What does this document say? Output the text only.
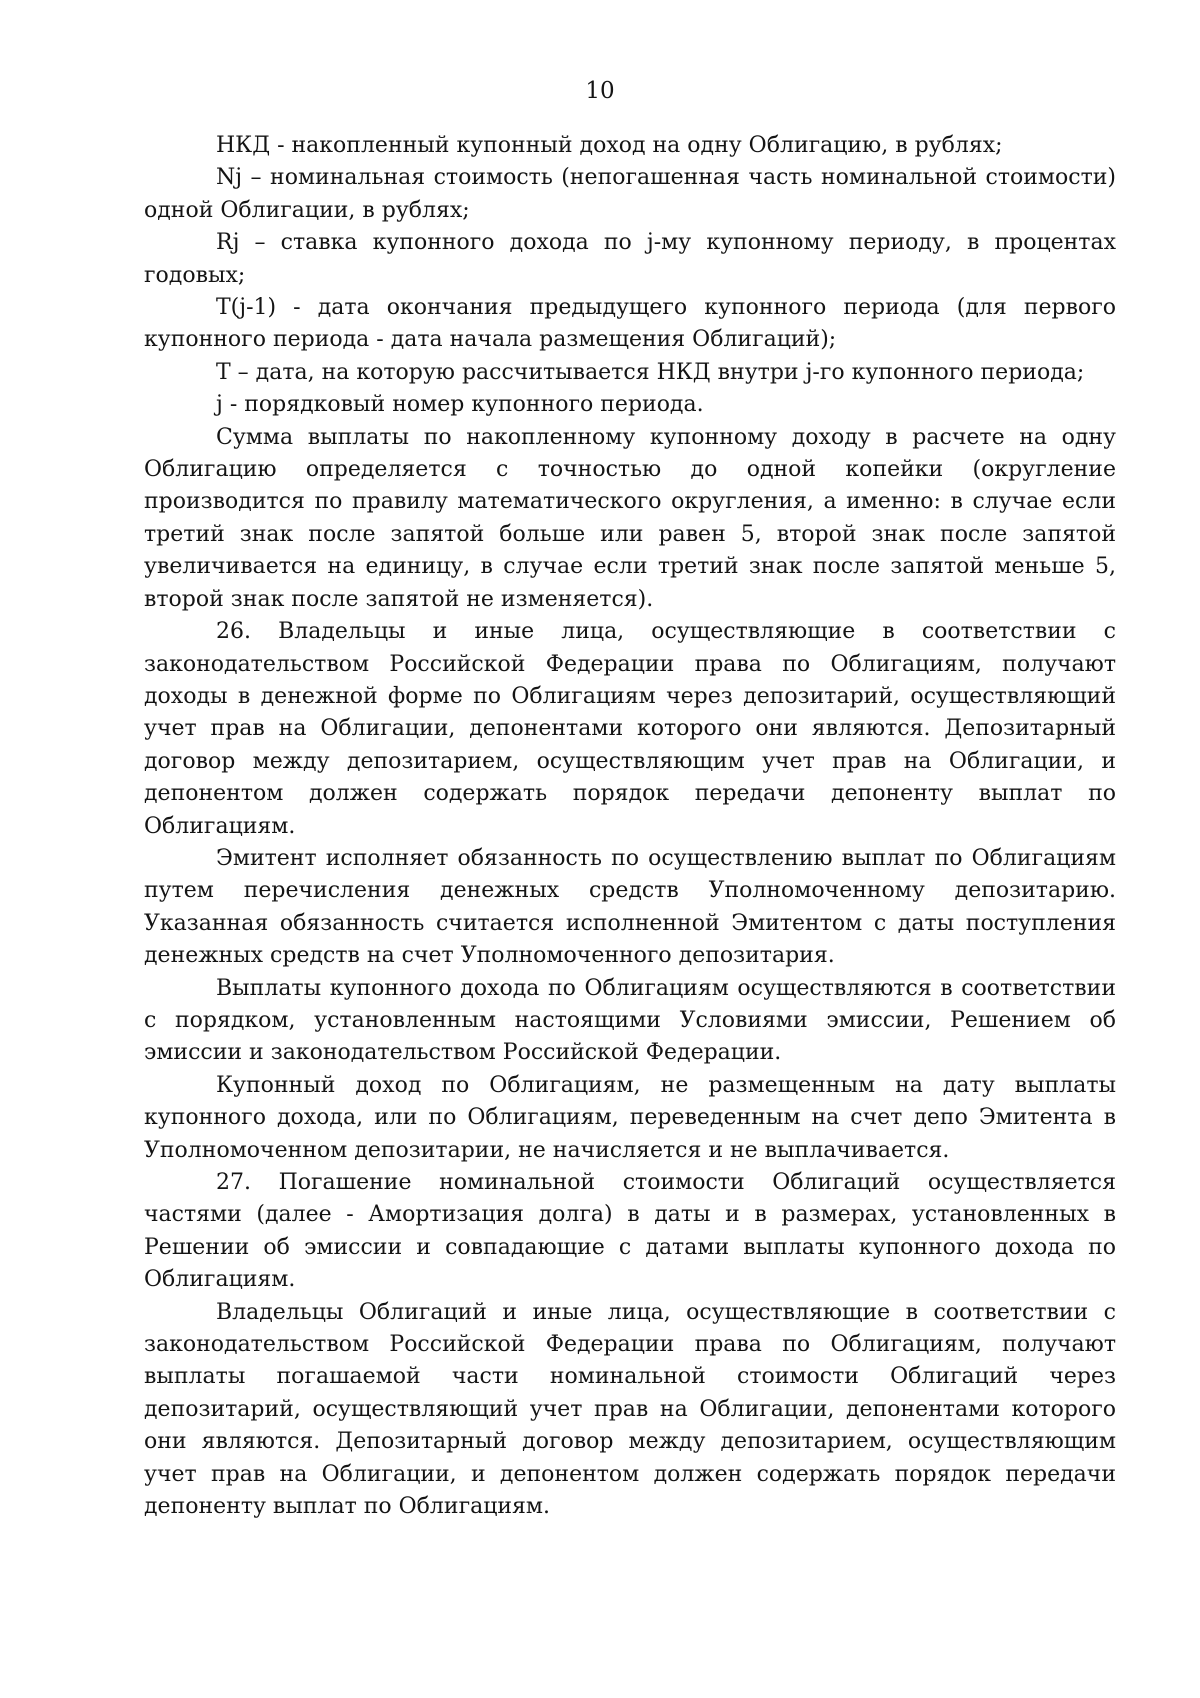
10

НКД - накопленный купонный доход на одну Облигацию, в рублях;

Nj – номинальная стоимость (непогашенная часть номинальной стоимости) одной Облигации, в рублях;

Rj – ставка купонного дохода по j-му купонному периоду, в процентах годовых;

T(j-1) - дата окончания предыдущего купонного периода (для первого купонного периода - дата начала размещения Облигаций);

Т – дата, на которую рассчитывается НКД внутри j-го купонного периода;

j - порядковый номер купонного периода.

Сумма выплаты по накопленному купонному доходу в расчете на одну Облигацию определяется с точностью до одной копейки (округление производится по правилу математического округления, а именно: в случае если третий знак после запятой больше или равен 5, второй знак после запятой увеличивается на единицу, в случае если третий знак после запятой меньше 5, второй знак после запятой не изменяется).

26. Владельцы и иные лица, осуществляющие в соответствии с законодательством Российской Федерации права по Облигациям, получают доходы в денежной форме по Облигациям через депозитарий, осуществляющий учет прав на Облигации, депонентами которого они являются. Депозитарный договор между депозитарием, осуществляющим учет прав на Облигации, и депонентом должен содержать порядок передачи депоненту выплат по Облигациям.

Эмитент исполняет обязанность по осуществлению выплат по Облигациям путем перечисления денежных средств Уполномоченному депозитарию. Указанная обязанность считается исполненной Эмитентом с даты поступления денежных средств на счет Уполномоченного депозитария.

Выплаты купонного дохода по Облигациям осуществляются в соответствии с порядком, установленным настоящими Условиями эмиссии, Решением об эмиссии и законодательством Российской Федерации.

Купонный доход по Облигациям, не размещенным на дату выплаты купонного дохода, или по Облигациям, переведенным на счет депо Эмитента в Уполномоченном депозитарии, не начисляется и не выплачивается.

27. Погашение номинальной стоимости Облигаций осуществляется частями (далее - Амортизация долга) в даты и в размерах, установленных в Решении об эмиссии и совпадающие с датами выплаты купонного дохода по Облигациям.

Владельцы Облигаций и иные лица, осуществляющие в соответствии с законодательством Российской Федерации права по Облигациям, получают выплаты погашаемой части номинальной стоимости Облигаций через депозитарий, осуществляющий учет прав на Облигации, депонентами которого они являются. Депозитарный договор между депозитарием, осуществляющим учет прав на Облигации, и депонентом должен содержать порядок передачи депоненту выплат по Облигациям.
